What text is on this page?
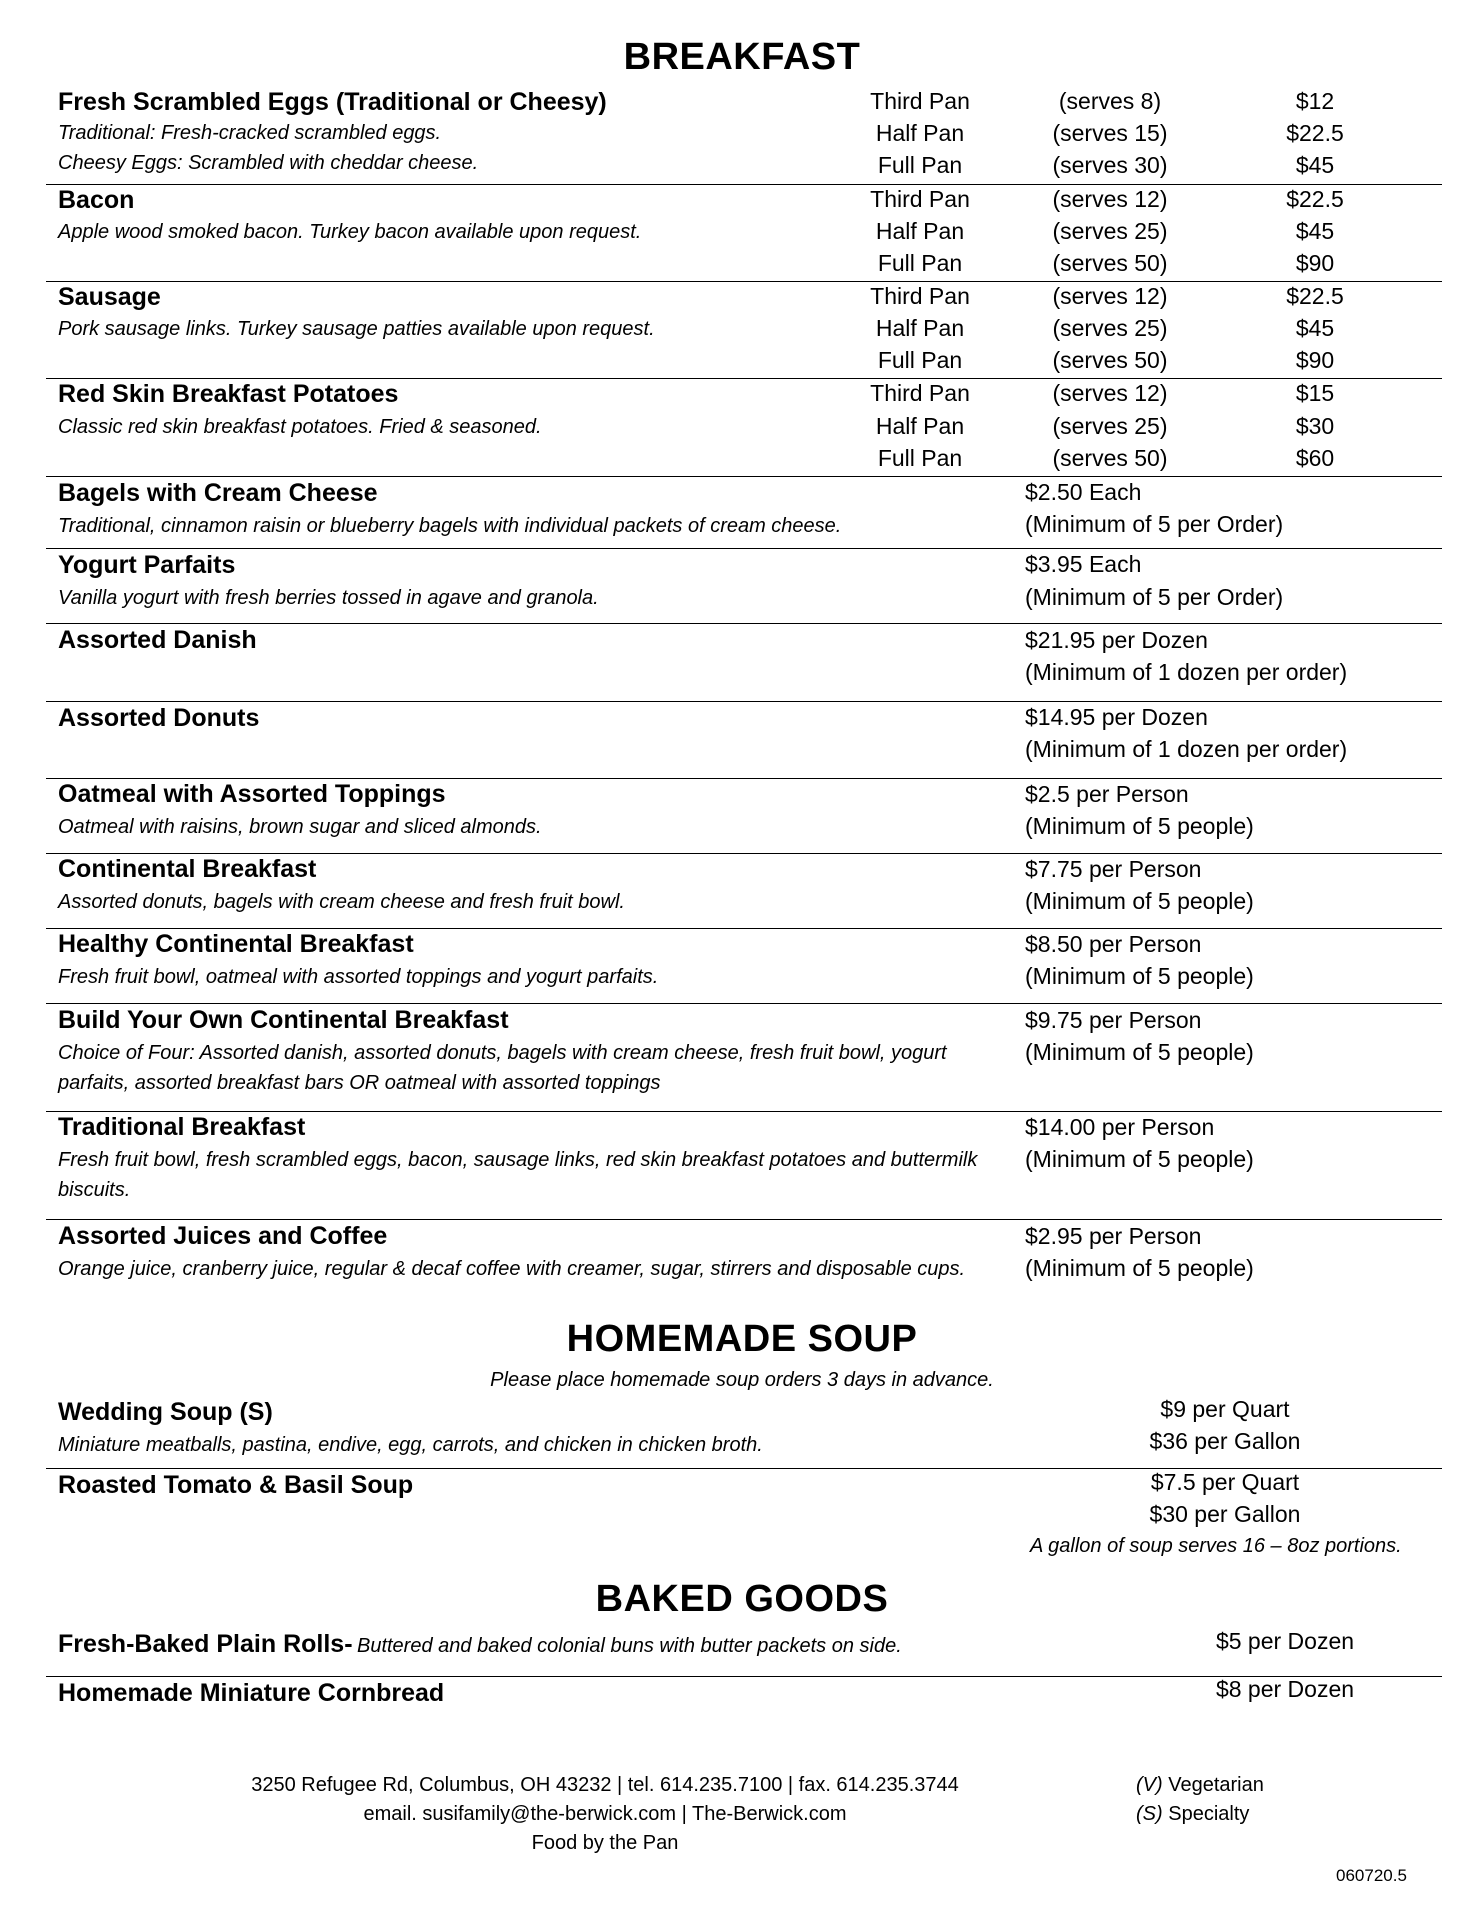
BREAKFAST
Fresh Scrambled Eggs (Traditional or Cheesy)
Traditional: Fresh-cracked scrambled eggs.
Cheesy Eggs: Scrambled with cheddar cheese.
Third Pan	(serves 8)	$12
Half Pan	(serves 15)	$22.5
Full Pan	(serves 30)	$45
Bacon
Apple wood smoked bacon. Turkey bacon available upon request.
Third Pan	(serves 12)	$22.5
Half Pan	(serves 25)	$45
Full Pan	(serves 50)	$90
Sausage
Pork sausage links. Turkey sausage patties available upon request.
Third Pan	(serves 12)	$22.5
Half Pan	(serves 25)	$45
Full Pan	(serves 50)	$90
Red Skin Breakfast Potatoes
Classic red skin breakfast potatoes. Fried & seasoned.
Third Pan	(serves 12)	$15
Half Pan	(serves 25)	$30
Full Pan	(serves 50)	$60
Bagels with Cream Cheese
Traditional, cinnamon raisin or blueberry bagels with individual packets of cream cheese.
$2.50 Each
(Minimum of 5 per Order)
Yogurt Parfaits
Vanilla yogurt with fresh berries tossed in agave and granola.
$3.95 Each
(Minimum of 5 per Order)
Assorted Danish	$21.95 per Dozen
(Minimum of 1 dozen per order)
Assorted Donuts	$14.95 per Dozen
(Minimum of 1 dozen per order)
Oatmeal with Assorted Toppings
Oatmeal with raisins, brown sugar and sliced almonds.
$2.5 per Person
(Minimum of 5 people)
Continental Breakfast
Assorted donuts, bagels with cream cheese and fresh fruit bowl.
$7.75 per Person
(Minimum of 5 people)
Healthy Continental Breakfast
Fresh fruit bowl, oatmeal with assorted toppings and yogurt parfaits.
$8.50 per Person
(Minimum of 5 people)
Build Your Own Continental Breakfast
Choice of Four: Assorted danish, assorted donuts, bagels with cream cheese, fresh fruit bowl, yogurt parfaits, assorted breakfast bars OR oatmeal with assorted toppings
$9.75 per Person
(Minimum of 5 people)
Traditional Breakfast
Fresh fruit bowl, fresh scrambled eggs, bacon, sausage links, red skin breakfast potatoes and buttermilk biscuits.
$14.00 per Person
(Minimum of 5 people)
Assorted Juices and Coffee
Orange juice, cranberry juice, regular & decaf coffee with creamer, sugar, stirrers and disposable cups.
$2.95 per Person
(Minimum of 5 people)
HOMEMADE SOUP
Please place homemade soup orders 3 days in advance.
Wedding Soup (S)
Miniature meatballs, pastina, endive, egg, carrots, and chicken in chicken broth.
$9 per Quart
$36 per Gallon
Roasted Tomato & Basil Soup	$7.5 per Quart
$30 per Gallon
A gallon of soup serves 16 – 8oz portions.
BAKED GOODS
Fresh-Baked Plain Rolls- Buttered and baked colonial buns with butter packets on side.	$5 per Dozen
Homemade Miniature Cornbread	$8 per Dozen
3250 Refugee Rd, Columbus, OH 43232 | tel. 614.235.7100 | fax. 614.235.3744
email. susifamily@the-berwick.com | The-Berwick.com
Food by the Pan
(V) Vegetarian
(S) Specialty
060720.5
